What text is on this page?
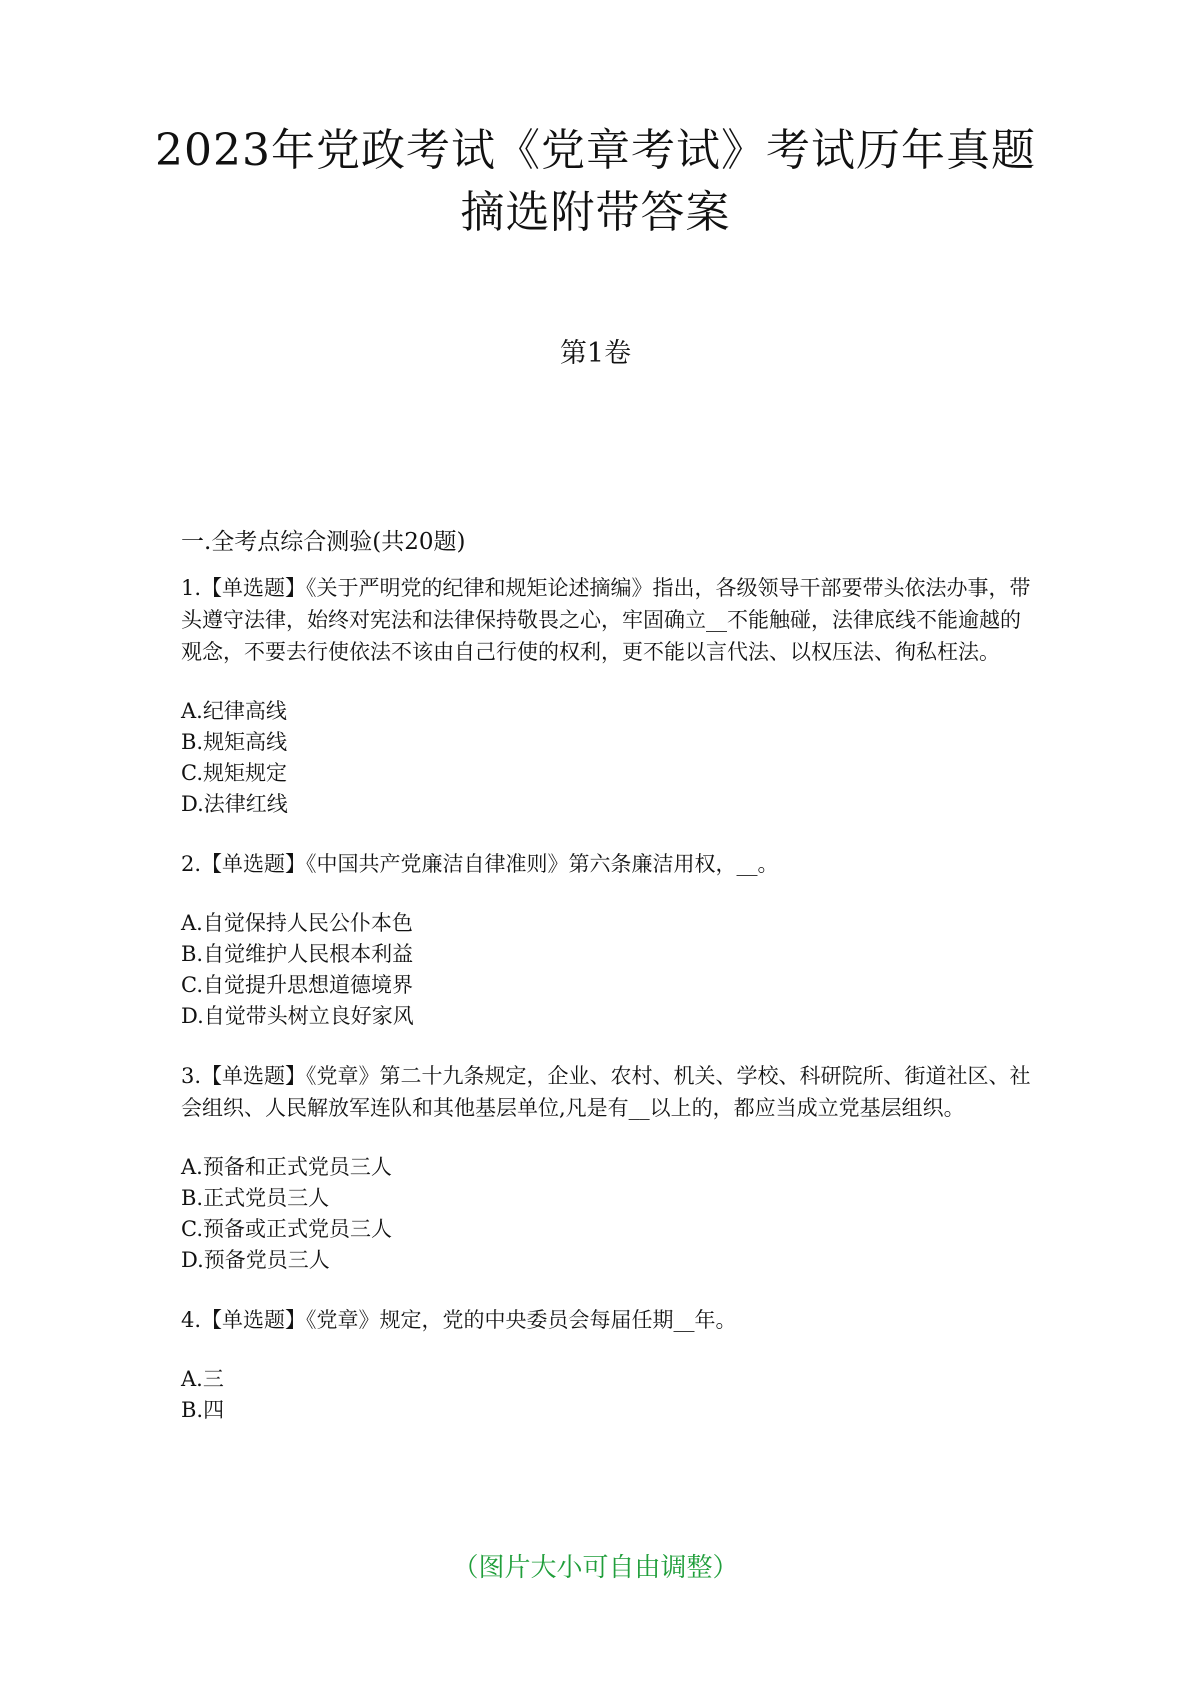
2023年党政考试《党章考试》考试历年真题摘选附带答案
第1卷

一.全考点综合测验(共20题)

1.【单选题】《关于严明党的纪律和规矩论述摘编》指出，各级领导干部要带头依法办事，带头遵守法律，始终对宪法和法律保持敬畏之心，牢固确立__不能触碰，法律底线不能逾越的观念，不要去行使依法不该由自己行使的权利，更不能以言代法、以权压法、徇私枉法。

A.纪律高线
B.规矩高线
C.规矩规定
D.法律红线

2.【单选题】《中国共产党廉洁自律准则》第六条廉洁用权，__。

A.自觉保持人民公仆本色
B.自觉维护人民根本利益
C.自觉提升思想道德境界
D.自觉带头树立良好家风

3.【单选题】《党章》第二十九条规定，企业、农村、机关、学校、科研院所、街道社区、社会组织、人民解放军连队和其他基层单位,凡是有__以上的，都应当成立党基层组织。

A.预备和正式党员三人
B.正式党员三人
C.预备或正式党员三人
D.预备党员三人

4.【单选题】《党章》规定，党的中央委员会每届任期__年。

A.三
B.四

（图片大小可自由调整）
